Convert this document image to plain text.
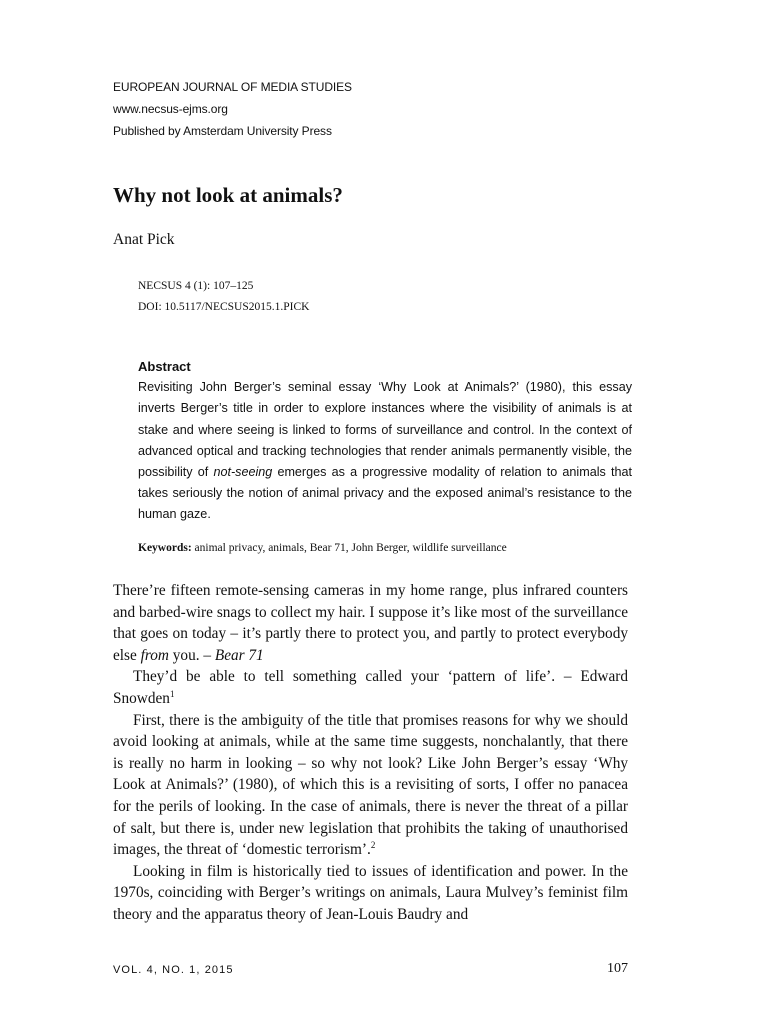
EUROPEAN JOURNAL OF MEDIA STUDIES
www.necsus-ejms.org
Published by Amsterdam University Press
Why not look at animals?
Anat Pick
NECSUS 4 (1): 107–125
DOI: 10.5117/NECSUS2015.1.PICK
Abstract
Revisiting John Berger’s seminal essay ‘Why Look at Animals?’ (1980), this essay inverts Berger’s title in order to explore instances where the visibility of animals is at stake and where seeing is linked to forms of surveillance and control. In the context of advanced optical and tracking technologies that render animals permanently visible, the possibility of not-seeing emerges as a progressive modality of relation to animals that takes seriously the notion of animal privacy and the exposed animal’s resistance to the human gaze.
Keywords: animal privacy, animals, Bear 71, John Berger, wildlife surveillance

There’re fifteen remote-sensing cameras in my home range, plus infrared counters and barbed-wire snags to collect my hair. I suppose it’s like most of the surveillance that goes on today – it’s partly there to protect you, and partly to protect everybody else from you. – Bear 71

They’d be able to tell something called your ‘pattern of life’. – Edward Snowden$^1$

First, there is the ambiguity of the title that promises reasons for why we should avoid looking at animals, while at the same time suggests, nonchalantly, that there is really no harm in looking – so why not look? Like John Berger’s essay ‘Why Look at Animals?’ (1980), of which this is a revisiting of sorts, I offer no panacea for the perils of looking. In the case of animals, there is never the threat of a pillar of salt, but there is, under new legislation that prohibits the taking of unauthorised images, the threat of ‘domestic terrorism’.$^2$

Looking in film is historically tied to issues of identification and power. In the 1970s, coinciding with Berger’s writings on animals, Laura Mulvey’s feminist film theory and the apparatus theory of Jean-Louis Baudry and

VOL. 4, NO. 1, 2015	107
